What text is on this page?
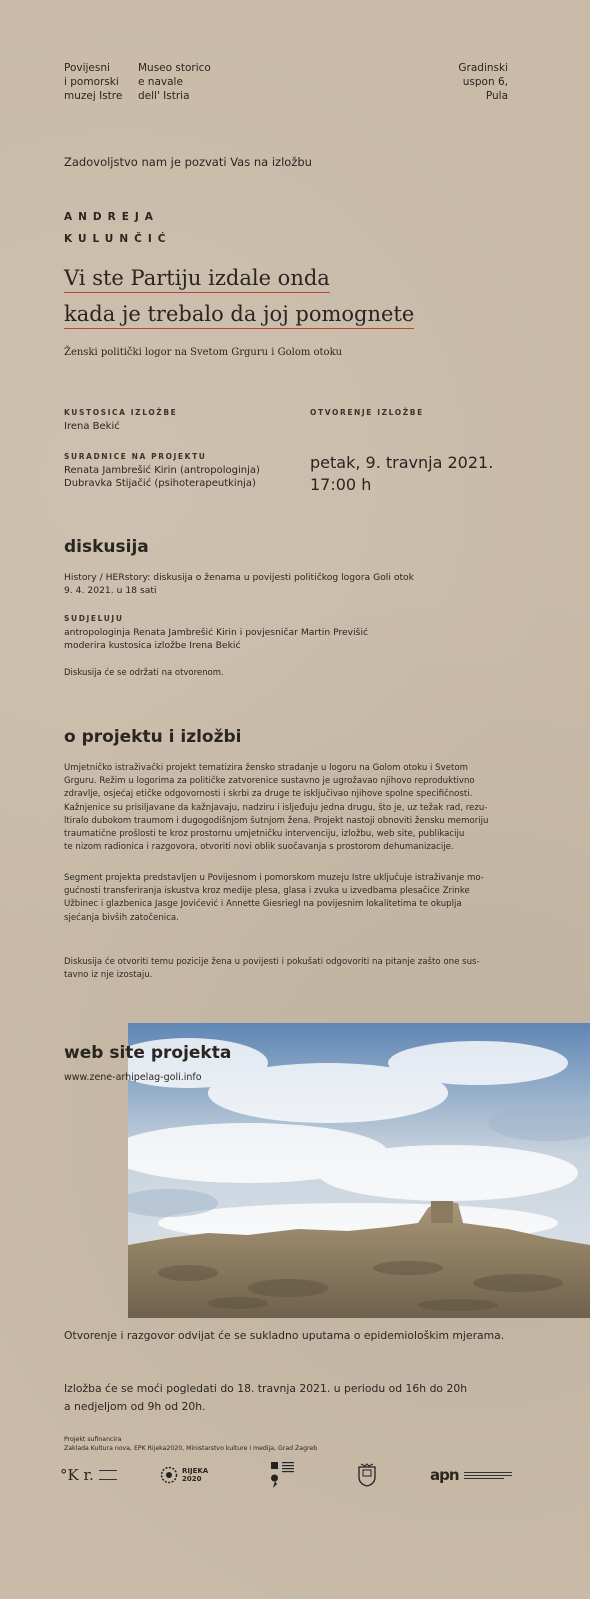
Povijesni
i pomorski
muzej Istre
Museo storico
e navale
dell' Istria
Gradinski
uspon 6,
Pula
Zadovoljstvo nam je pozvati Vas na izložbu
ANDREJA
KULUNČIĆ
Vi ste Partiju izdale onda
kada je trebalo da joj pomognete
Ženski politički logor na Svetom Grguru i Golom otoku
KUSTOSICA IZLOŽBE
Irena Bekić
SURADNICE NA PROJEKTU
Renata Jambrešić Kirin (antropologinja)
Dubravka Stijačić (psihoterapeutkinja)
OTVORENJE IZLOŽBE
petak, 9. travnja 2021.
17:00 h
diskusija
History / HERstory: diskusija o ženama u povijesti političkog logora Goli otok
9. 4. 2021. u 18 sati
SUDJELUJU
antropologinja Renata Jambrešić Kirin i povjesničar Martin Previšić
moderira kustosica izložbe Irena Bekić
Diskusija će se održati na otvorenom.
o projektu i izložbi
Umjetničko istraživački projekt tematizira žensko stradanje u logoru na Golom otoku i Svetom
Grguru. Režim u logorima za političke zatvorenice sustavno je ugrožavao njihovo reproduktivno
zdravlje, osjećaj etičke odgovornosti i skrbi za druge te isključivao njihove spolne specifičnosti.
Kažnjenice su prisiljavane da kažnjavaju, nadziru i isljeđuju jedna drugu, što je, uz težak rad, rezu-
ltiralo dubokom traumom i dugogodišnjom šutnjom žena. Projekt nastoji obnoviti žensku memoriju
traumatične prošlosti te kroz prostornu umjetničku intervenciju, izložbu, web site, publikaciju
te nizom radionica i razgovora, otvoriti novi oblik suočavanja s prostorom dehumanizacije.
Segment projekta predstavljen u Povijesnom i pomorskom muzeju Istre uključuje istraživanje mo-
gućnosti transferiranja iskustva kroz medije plesa, glasa i zvuka u izvedbama plesačice Zrinke
Užbinec i glazbenica Jasge Jovićević i Annette Giesriegl na povijesnim lokalitetima te okuplja
sjećanja bivših zatočenica.
Diskusija će otvoriti temu pozicije žena u povijesti i pokušati odgovoriti na pitanje zašto one sus-
tavno iz nje izostaju.
web site projekta
www.zene-arhipelag-goli.info
Otvorenje i razgovor odvijat će se sukladno uputama o epidemiološkim mjerama.
Izložba će se moći pogledati do 18. travnja 2021. u periodu od 16h do 20h
a nedjeljom od 9h od 20h.
Projekt sufinancira
Zaklada Kultura nova, EPK Rijeka2020, Ministarstvo kulture i medija, Grad Zagreb
°K r.	RIJEKA
2020	apn
